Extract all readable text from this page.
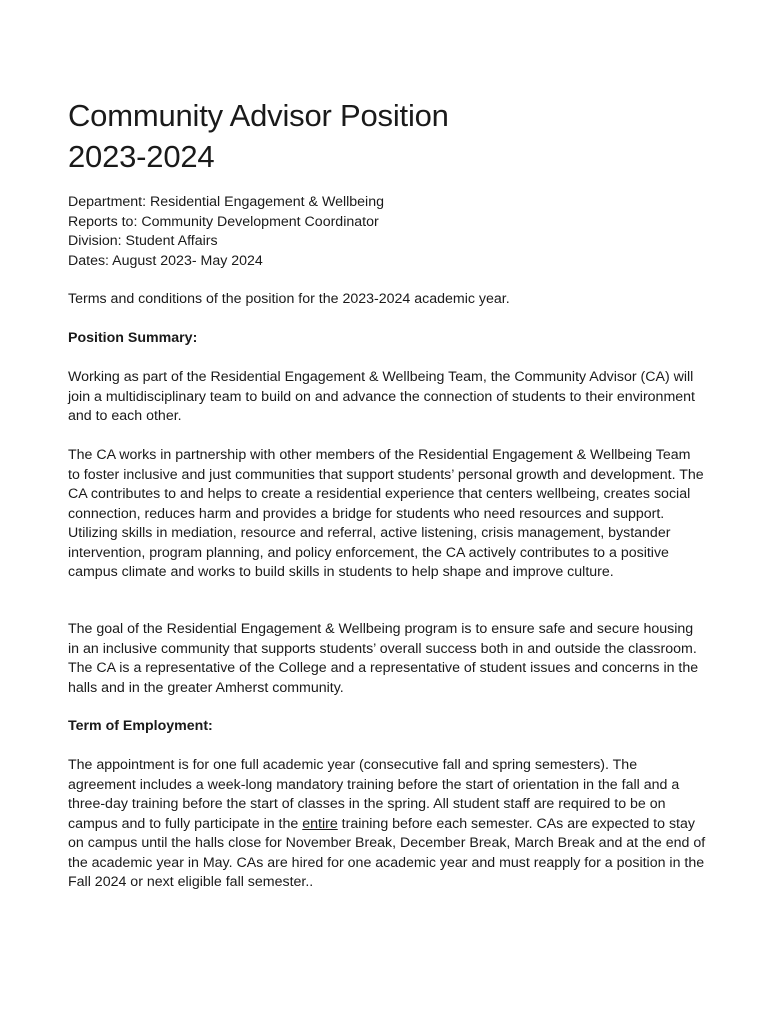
Community Advisor Position
2023-2024
Department: Residential Engagement & Wellbeing
Reports to: Community Development Coordinator
Division: Student Affairs
Dates: August 2023- May 2024

Terms and conditions of the position for the 2023-2024 academic year.

Position Summary:

Working as part of the Residential Engagement & Wellbeing Team, the Community Advisor (CA) will join a multidisciplinary team to build on and advance the connection of students to their environment and to each other.

The CA works in partnership with other members of the Residential Engagement & Wellbeing Team to foster inclusive and just communities that support students’ personal growth and development. The CA contributes to and helps to create a residential experience that centers wellbeing, creates social connection, reduces harm and provides a bridge for students who need resources and support. Utilizing skills in mediation, resource and referral, active listening, crisis management, bystander intervention, program planning, and policy enforcement, the CA actively contributes to a positive campus climate and works to build skills in students to help shape and improve culture.

The goal of the Residential Engagement & Wellbeing program is to ensure safe and secure housing in an inclusive community that supports students’ overall success both in and outside the classroom. The CA is a representative of the College and a representative of student issues and concerns in the halls and in the greater Amherst community.

Term of Employment:

The appointment is for one full academic year (consecutive fall and spring semesters). The agreement includes a week-long mandatory training before the start of orientation in the fall and a three-day training before the start of classes in the spring. All student staff are required to be on campus and to fully participate in the entire training before each semester. CAs are expected to stay on campus until the halls close for November Break, December Break, March Break and at the end of the academic year in May. CAs are hired for one academic year and must reapply for a position in the Fall 2024 or next eligible fall semester..
